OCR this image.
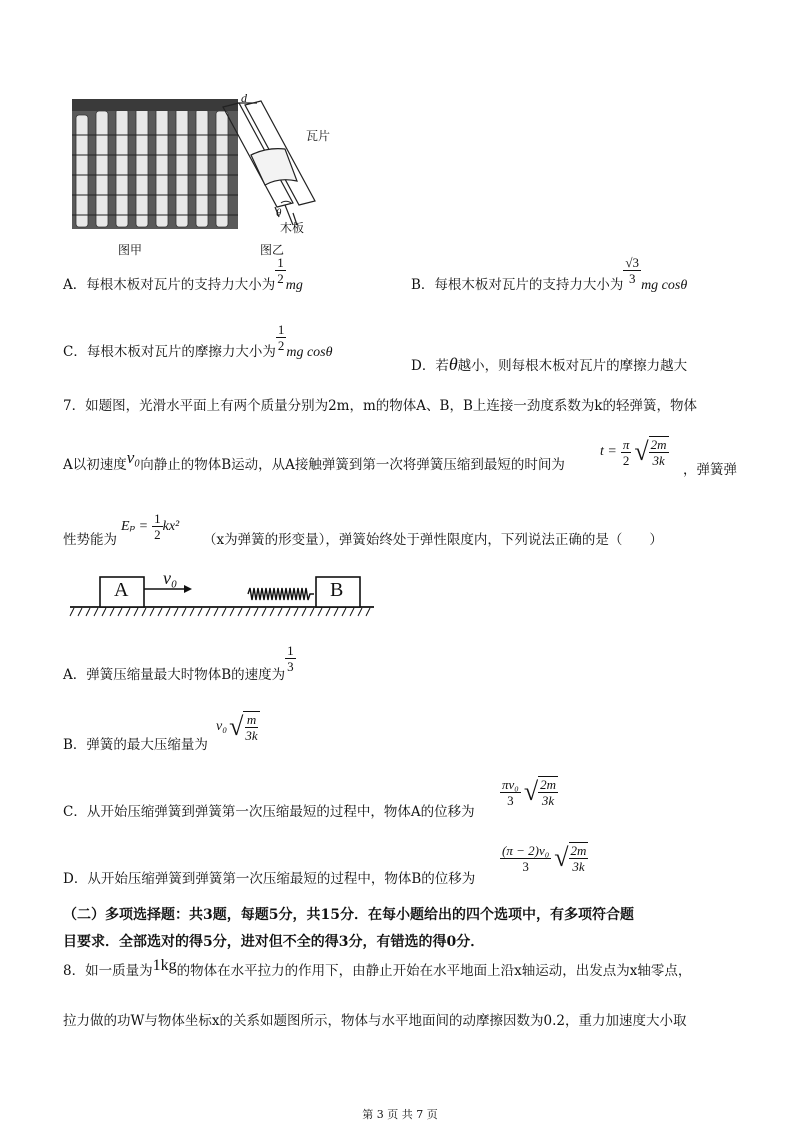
d
瓦片
θ
木板
图甲	图乙
A．每根木板对瓦片的支持力大小为 $\frac{1}{2}$ mg	B．每根木板对瓦片的支持力大小为 $\frac{√3}{3}$ mg cosθ
C．每根木板对瓦片的摩擦力大小为 $\frac{1}{2}$ mg cosθ
D．若θ越小，则每根木板对瓦片的摩擦力越大
7．如题图，光滑水平面上有两个质量分别为2m，m的物体A、B，B上连接一劲度系数为k的轻弹簧，物体
A以初速度v₀向静止的物体B运动，从A接触弹簧到第一次将弹簧压缩到最短的时间为
$t = \frac{\pi}{2}$ √ $\frac{2m}{3k}$
，弹簧弹
性势能为
$E_p = \frac{1}{2} kx^2$
（x为弹簧的形变量），弹簧始终处于弹性限度内，下列说法正确的是（　　）
A	B
v₀
A．弹簧压缩量最大时物体B的速度为
$\frac{1}{3}$
B．弹簧的最大压缩量为
v₀ √ $\frac{m}{3k}$
C．从开始压缩弹簧到弹簧第一次压缩最短的过程中，物体A的位移为
$\frac{\text{πv₀}}{3}$ √ $\frac{2m}{3k}$
D．从开始压缩弹簧到弹簧第一次压缩最短的过程中，物体B的位移为
$\frac{\text{(π − 2)v₀}}{3}$ √ $\frac{2m}{3k}$
（二）多项选择题：共3题，每题5分，共15分．在每小题给出的四个选项中，有多项符合题
目要求．全部选对的得5分，进对但不全的得3分，有错选的得0分．
8．如一质量为1kg的物体在水平拉力的作用下，由静止开始在水平地面上沿x轴运动，出发点为x轴零点，
拉力做的功W与物体坐标x的关系如题图所示，物体与水平地面间的动摩擦因数为0.2，重力加速度大小取
第 3 页 共 7 页
